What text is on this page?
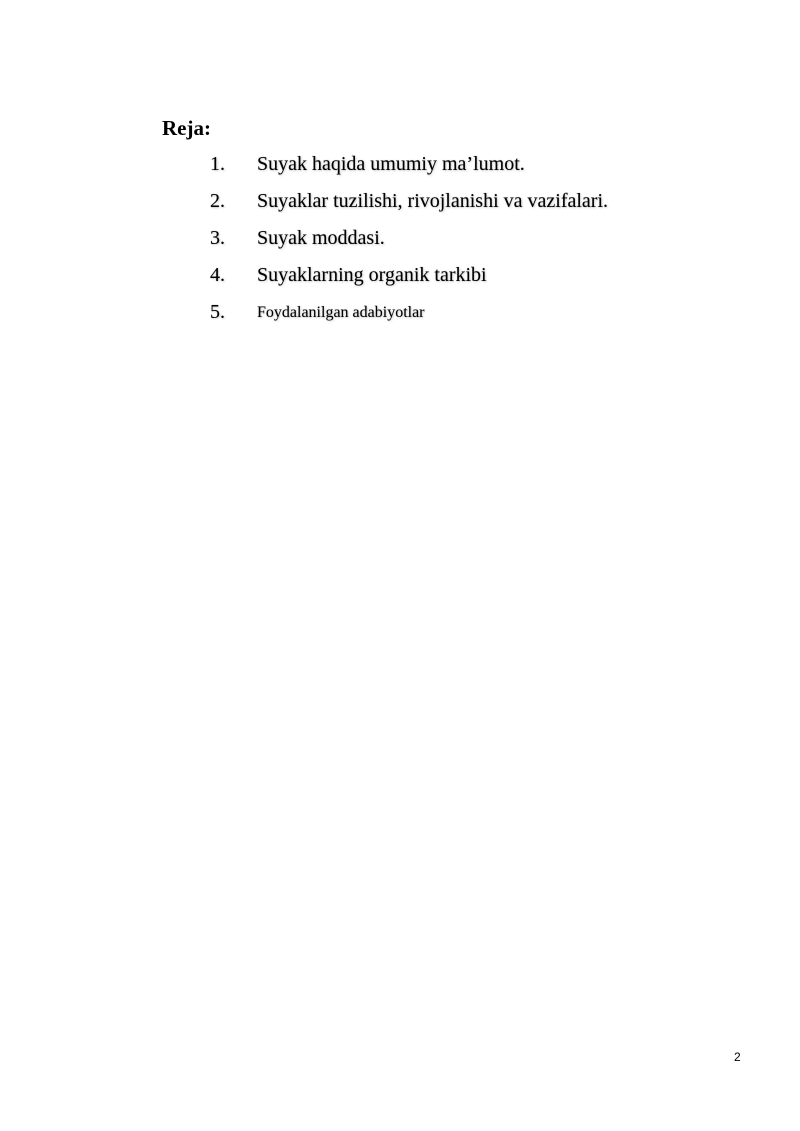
Reja:
1. Suyak haqida umumiy ma’lumot.
2. Suyaklar tuzilishi, rivojlanishi va vazifalari.
3. Suyak moddasi.
4. Suyaklarning organik tarkibi
5. Foydalanilgan adabiyotlar
2
